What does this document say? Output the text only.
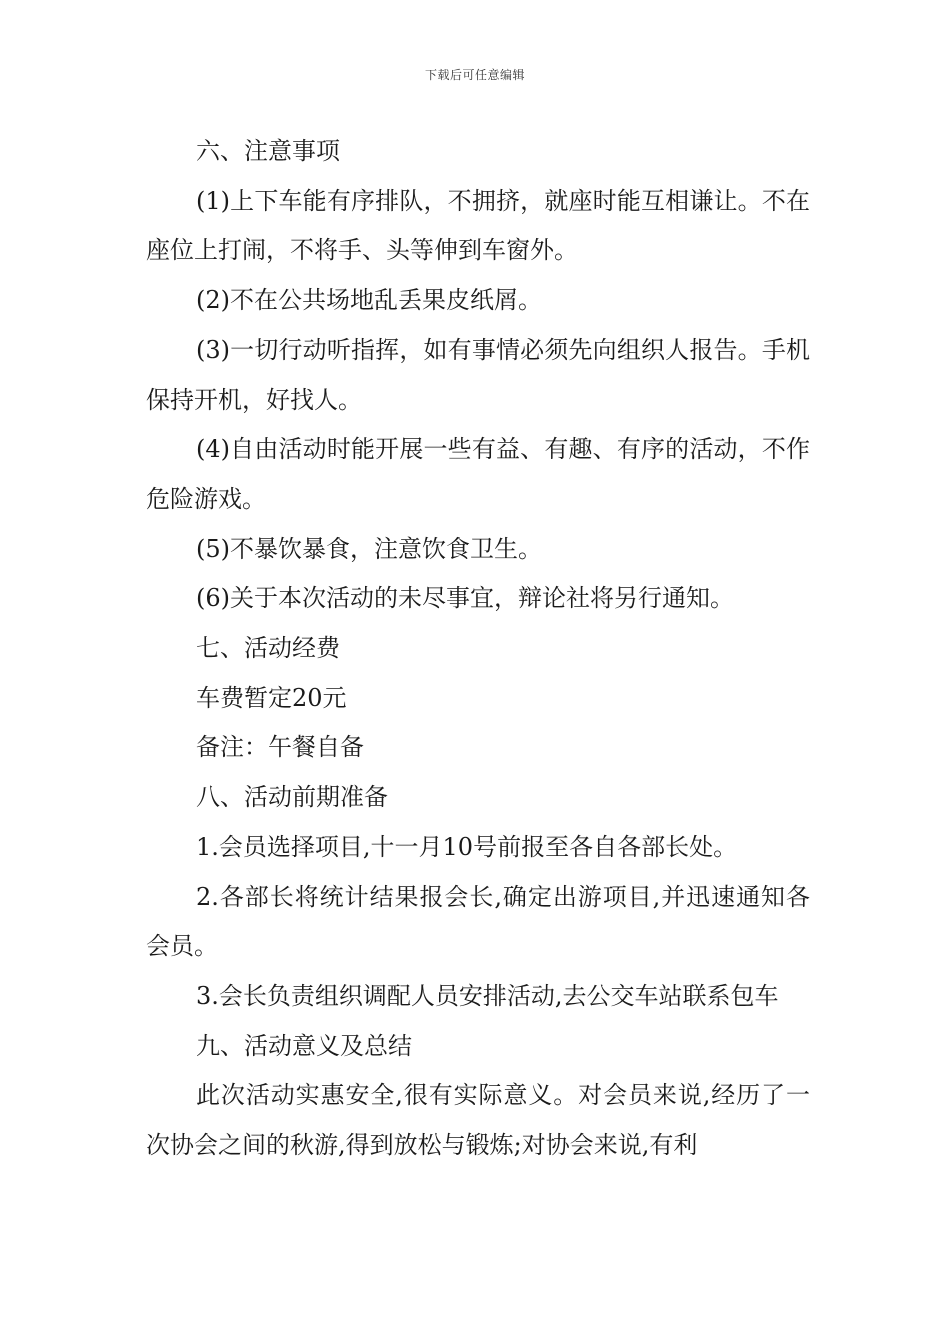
下载后可任意编辑

六、注意事项

(1)上下车能有序排队，不拥挤，就座时能互相谦让。不在座位上打闹，不将手、头等伸到车窗外。

(2)不在公共场地乱丢果皮纸屑。

(3)一切行动听指挥，如有事情必须先向组织人报告。手机保持开机，好找人。

(4)自由活动时能开展一些有益、有趣、有序的活动，不作危险游戏。

(5)不暴饮暴食，注意饮食卫生。

(6)关于本次活动的未尽事宜，辩论社将另行通知。

七、活动经费

车费暂定20元

备注：午餐自备

八、活动前期准备

1.会员选择项目,十一月10号前报至各自各部长处。

2.各部长将统计结果报会长,确定出游项目,并迅速通知各会员。

3.会长负责组织调配人员安排活动,去公交车站联系包车

九、活动意义及总结

此次活动实惠安全,很有实际意义。对会员来说,经历了一次协会之间的秋游,得到放松与锻炼;对协会来说,有利
